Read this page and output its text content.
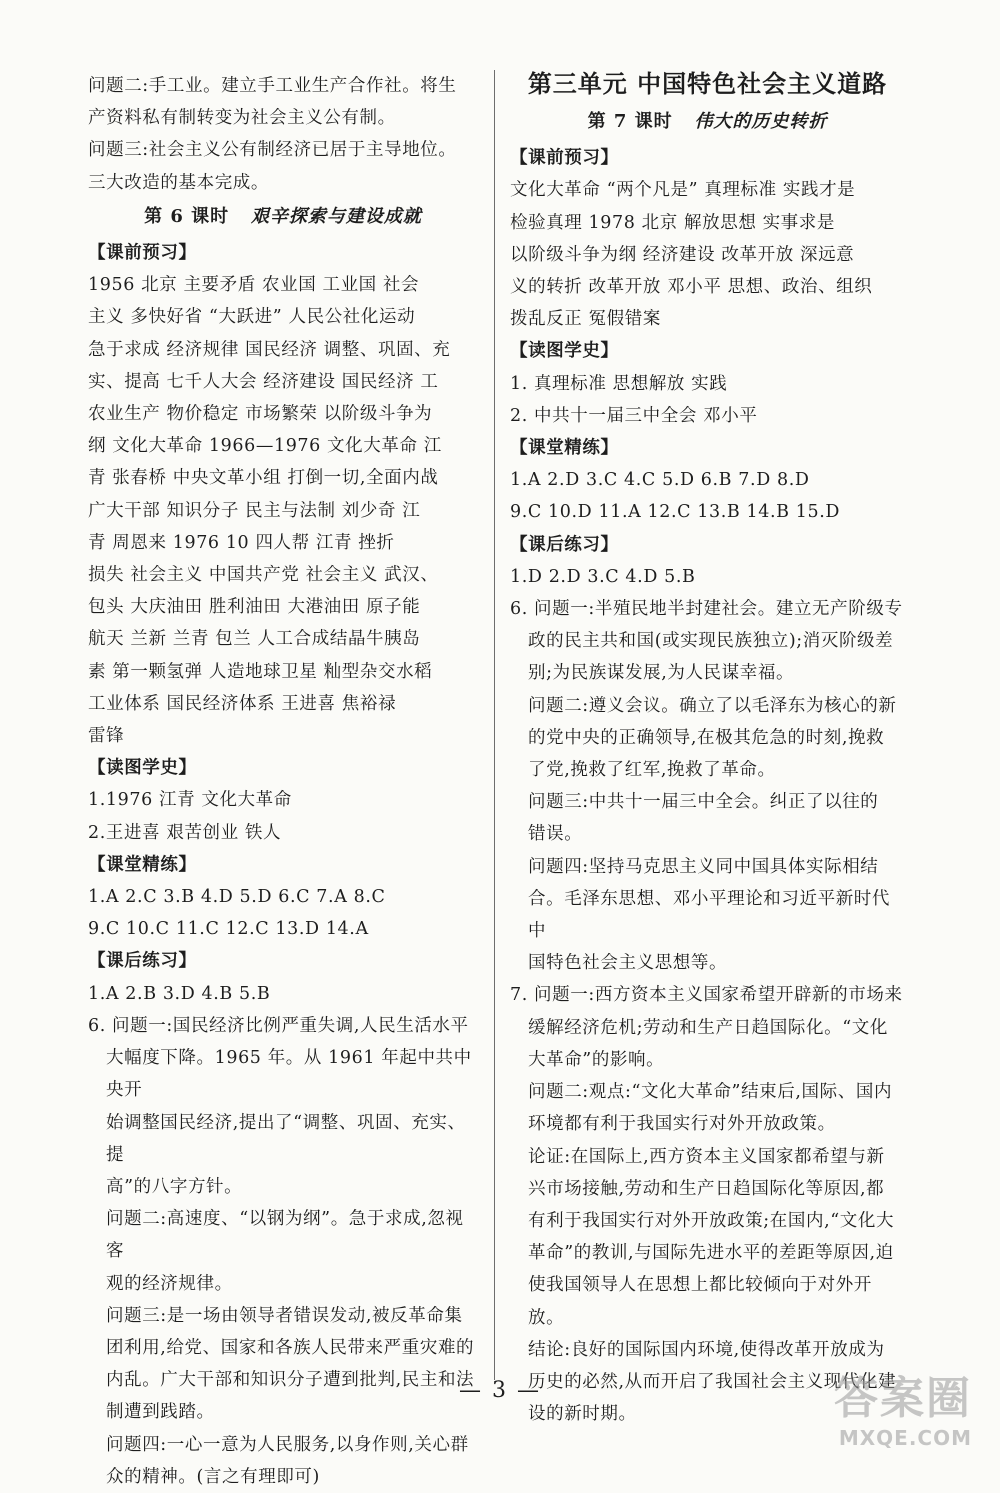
问题二:手工业。建立手工业生产合作社。将生

产资料私有制转变为社会主义公有制。

问题三:社会主义公有制经济已居于主导地位。

三大改造的基本完成。

第 6 课时 艰辛探索与建设成就

【课前预习】

1956 北京 主要矛盾 农业国 工业国 社会

主义 多快好省 “大跃进” 人民公社化运动

急于求成 经济规律 国民经济 调整、巩固、充

实、提高 七千人大会 经济建设 国民经济 工

农业生产 物价稳定 市场繁荣 以阶级斗争为

纲 文化大革命 1966—1976 文化大革命 江

青 张春桥 中央文革小组 打倒一切,全面内战

广大干部 知识分子 民主与法制 刘少奇 江

青 周恩来 1976 10 四人帮 江青 挫折

损失 社会主义 中国共产党 社会主义 武汉、

包头 大庆油田 胜利油田 大港油田 原子能

航天 兰新 兰青 包兰 人工合成结晶牛胰岛

素 第一颗氢弹 人造地球卫星 籼型杂交水稻

工业体系 国民经济体系 王进喜 焦裕禄

雷锋

【读图学史】

1.1976 江青 文化大革命

2.王进喜 艰苦创业 铁人

【课堂精练】

1.A 2.C 3.B 4.D 5.D 6.C 7.A 8.C

9.C 10.C 11.C 12.C 13.D 14.A

【课后练习】

1.A 2.B 3.D 4.B 5.B

6. 问题一:国民经济比例严重失调,人民生活水平

大幅度下降。1965 年。从 1961 年起中共中央开

始调整国民经济,提出了“调整、巩固、充实、提

高”的八字方针。

问题二:高速度、“以钢为纲”。急于求成,忽视客

观的经济规律。

问题三:是一场由领导者错误发动,被反革命集

团利用,给党、国家和各族人民带来严重灾难的

内乱。广大干部和知识分子遭到批判,民主和法

制遭到践踏。

问题四:一心一意为人民服务,以身作则,关心群

众的精神。(言之有理即可)

第三单元 中国特色社会主义道路
第 7 课时 伟大的历史转折

【课前预习】

文化大革命 “两个凡是” 真理标准 实践才是

检验真理 1978 北京 解放思想 实事求是

以阶级斗争为纲 经济建设 改革开放 深远意

义的转折 改革开放 邓小平 思想、政治、组织

拨乱反正 冤假错案

【读图学史】

1. 真理标准 思想解放 实践

2. 中共十一届三中全会 邓小平

【课堂精练】

1.A 2.D 3.C 4.C 5.D 6.B 7.D 8.D

9.C 10.D 11.A 12.C 13.B 14.B 15.D

【课后练习】

1.D 2.D 3.C 4.D 5.B

6. 问题一:半殖民地半封建社会。建立无产阶级专

政的民主共和国(或实现民族独立);消灭阶级差

别;为民族谋发展,为人民谋幸福。

问题二:遵义会议。确立了以毛泽东为核心的新

的党中央的正确领导,在极其危急的时刻,挽救

了党,挽救了红军,挽救了革命。

问题三:中共十一届三中全会。纠正了以往的

错误。

问题四:坚持马克思主义同中国具体实际相结

合。毛泽东思想、邓小平理论和习近平新时代中

国特色社会主义思想等。

7. 问题一:西方资本主义国家希望开辟新的市场来

缓解经济危机;劳动和生产日趋国际化。“文化

大革命”的影响。

问题二:观点:“文化大革命”结束后,国际、国内

环境都有利于我国实行对外开放政策。

论证:在国际上,西方资本主义国家都希望与新

兴市场接触,劳动和生产日趋国际化等原因,都

有利于我国实行对外开放政策;在国内,“文化大

革命”的教训,与国际先进水平的差距等原因,迫

使我国领导人在思想上都比较倾向于对外开放。

结论:良好的国际国内环境,使得改革开放成为

历史的必然,从而开启了我国社会主义现代化建

设的新时期。

— 3 —	答案圈
MXQE.COM
